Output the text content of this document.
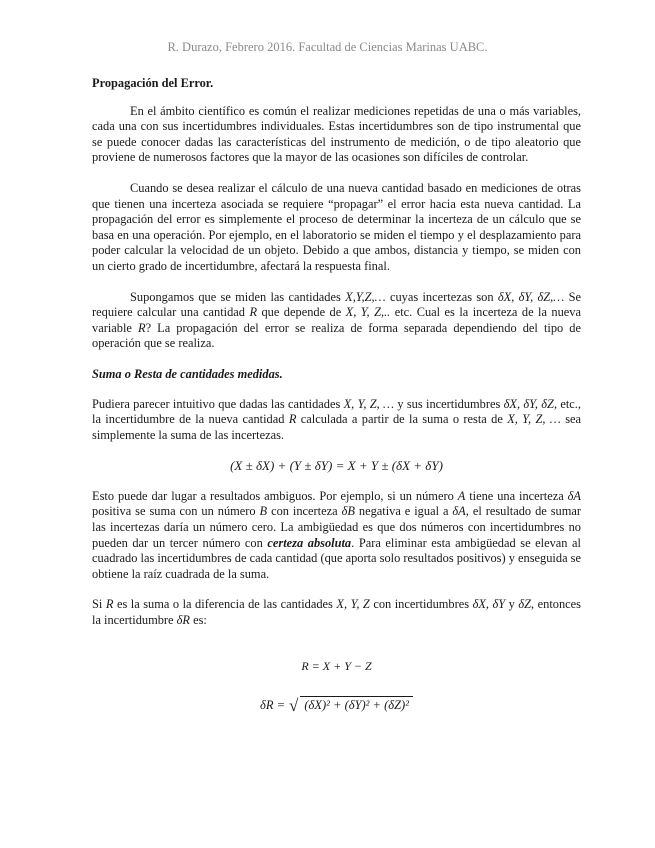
R. Durazo, Febrero 2016. Facultad de Ciencias Marinas UABC.
Propagación del Error.

En el ámbito científico es común el realizar mediciones repetidas de una o más variables, cada una con sus incertidumbres individuales. Estas incertidumbres son de tipo instrumental que se puede conocer dadas las características del instrumento de medición, o de tipo aleatorio que proviene de numerosos factores que la mayor de las ocasiones son difíciles de controlar.

Cuando se desea realizar el cálculo de una nueva cantidad basado en mediciones de otras que tienen una incerteza asociada se requiere “propagar” el error hacia esta nueva cantidad. La propagación del error es simplemente el proceso de determinar la incerteza de un cálculo que se basa en una operación. Por ejemplo, en el laboratorio se miden el tiempo y el desplazamiento para poder calcular la velocidad de un objeto. Debido a que ambos, distancia y tiempo, se miden con un cierto grado de incertidumbre, afectará la respuesta final.

Supongamos que se miden las cantidades X,Y,Z,… cuyas incertezas son δX, δY, δZ,… Se requiere calcular una cantidad R que depende de X, Y, Z,.. etc. Cual es la incerteza de la nueva variable R? La propagación del error se realiza de forma separada dependiendo del tipo de operación que se realiza.

Suma o Resta de cantidades medidas.

Pudiera parecer intuitivo que dadas las cantidades X, Y, Z, … y sus incertidumbres δX, δY, δZ, etc., la incertidumbre de la nueva cantidad R calculada a partir de la suma o resta de X, Y, Z, … sea simplemente la suma de las incertezas.

(X ± δX) + (Y ± δY) = X + Y ± (δX + δY)

Esto puede dar lugar a resultados ambiguos. Por ejemplo, si un número A tiene una incerteza δA positiva se suma con un número B con incerteza δB negativa e igual a δA, el resultado de sumar las incertezas daría un número cero. La ambigüedad es que dos números con incertidumbres no pueden dar un tercer número con certeza absoluta. Para eliminar esta ambigüedad se elevan al cuadrado las incertidumbres de cada cantidad (que aporta solo resultados positivos) y enseguida se obtiene la raíz cuadrada de la suma.

Si R es la suma o la diferencia de las cantidades X, Y, Z con incertidumbres δX, δY y δZ, entonces la incertidumbre δR es:

R = X + Y − Z
δR = √ (δX)² + (δY)² + (δZ)²
